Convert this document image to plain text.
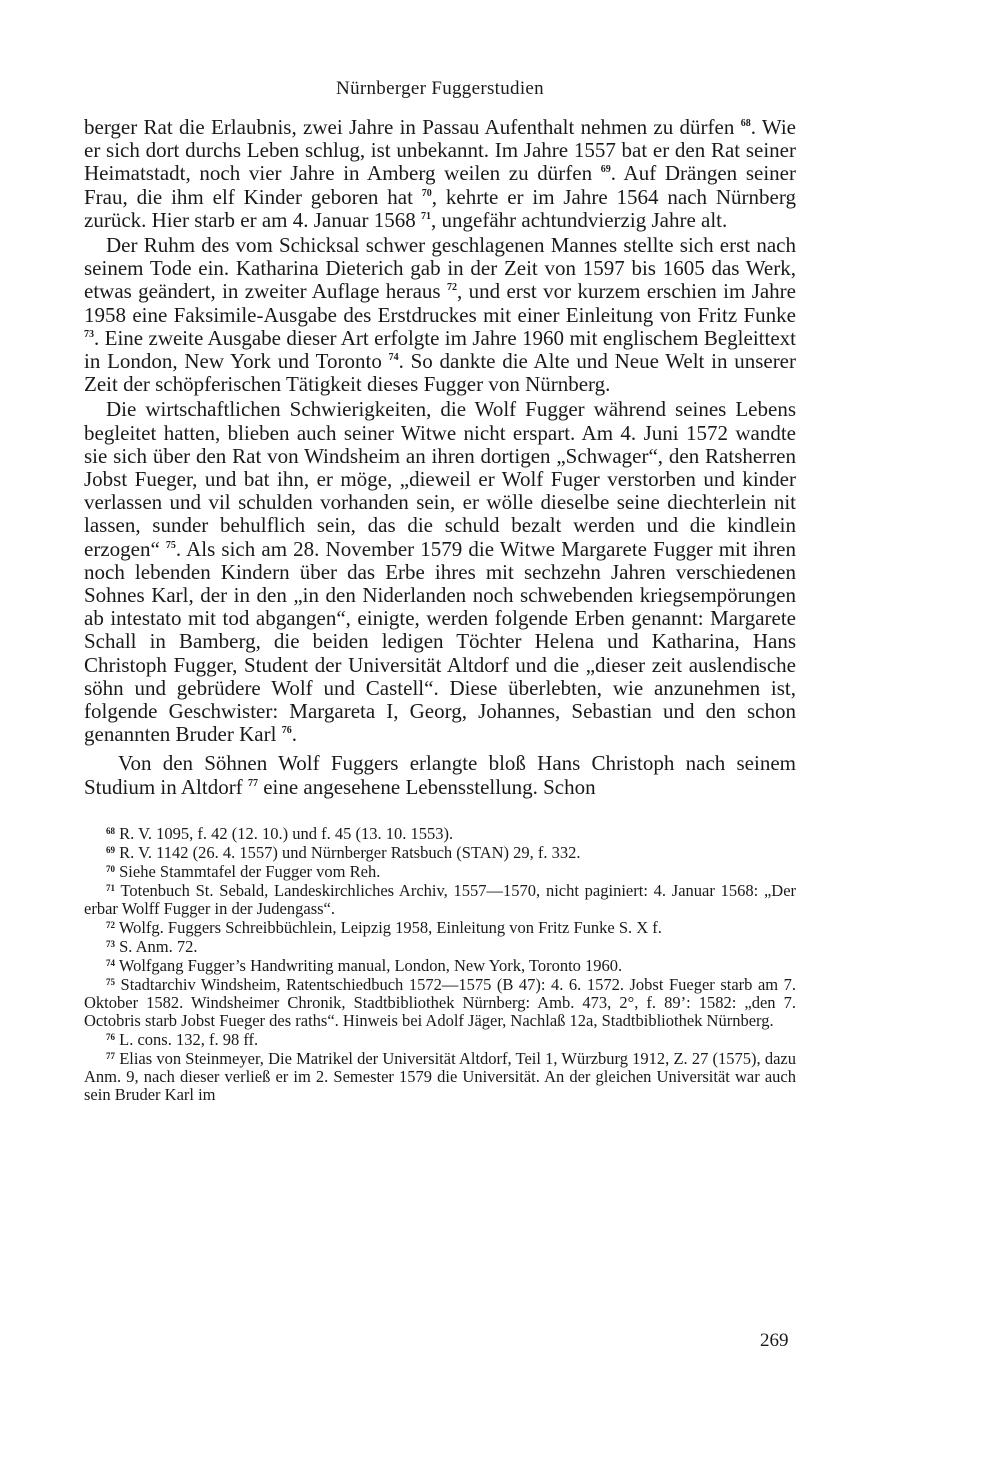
Nürnberger Fuggerstudien

berger Rat die Erlaubnis, zwei Jahre in Passau Aufenthalt nehmen zu dürfen $^{68}$. Wie er sich dort durchs Leben schlug, ist unbekannt. Im Jahre 1557 bat er den Rat seiner Heimatstadt, noch vier Jahre in Amberg weilen zu dürfen $^{69}$. Auf Drängen seiner Frau, die ihm elf Kinder geboren hat $^{70}$, kehrte er im Jahre 1564 nach Nürnberg zurück. Hier starb er am 4. Januar 1568 $^{71}$, ungefähr achtundvierzig Jahre alt.

Der Ruhm des vom Schicksal schwer geschlagenen Mannes stellte sich erst nach seinem Tode ein. Katharina Dieterich gab in der Zeit von 1597 bis 1605 das Werk, etwas geändert, in zweiter Auflage heraus $^{72}$, und erst vor kurzem erschien im Jahre 1958 eine Faksimile-Ausgabe des Erstdruckes mit einer Einleitung von Fritz Funke $^{73}$. Eine zweite Ausgabe dieser Art erfolgte im Jahre 1960 mit englischem Begleittext in London, New York und Toronto $^{74}$. So dankte die Alte und Neue Welt in unserer Zeit der schöpferischen Tätigkeit dieses Fugger von Nürnberg.

Die wirtschaftlichen Schwierigkeiten, die Wolf Fugger während seines Lebens begleitet hatten, blieben auch seiner Witwe nicht erspart. Am 4. Juni 1572 wandte sie sich über den Rat von Windsheim an ihren dortigen „Schwager“, den Ratsherren Jobst Fueger, und bat ihn, er möge, „dieweil er Wolf Fuger verstorben und kinder verlassen und vil schulden vorhanden sein, er wölle dieselbe seine diechterlein nit lassen, sunder behulflich sein, das die schuld bezalt werden und die kindlein erzogen“ $^{75}$. Als sich am 28. November 1579 die Witwe Margarete Fugger mit ihren noch lebenden Kindern über das Erbe ihres mit sechzehn Jahren verschiedenen Sohnes Karl, der in den „in den Niderlanden noch schwebenden kriegsempörungen ab intestato mit tod abgangen“, einigte, werden folgende Erben genannt: Margarete Schall in Bamberg, die beiden ledigen Töchter Helena und Katharina, Hans Christoph Fugger, Student der Universität Altdorf und die „dieser zeit auslendische söhn und gebrüdere Wolf und Castell“. Diese überlebten, wie anzunehmen ist, folgende Geschwister: Margareta I, Georg, Johannes, Sebastian und den schon genannten Bruder Karl $^{76}$.

Von den Söhnen Wolf Fuggers erlangte bloß Hans Christoph nach seinem Studium in Altdorf $^{77}$ eine angesehene Lebensstellung. Schon

$^{68}$ R. V. 1095, f. 42 (12. 10.) und f. 45 (13. 10. 1553).

$^{69}$ R. V. 1142 (26. 4. 1557) und Nürnberger Ratsbuch (STAN) 29, f. 332.

$^{70}$ Siehe Stammtafel der Fugger vom Reh.

$^{71}$ Totenbuch St. Sebald, Landeskirchliches Archiv, 1557—1570, nicht paginiert: 4. Januar 1568: „Der erbar Wolff Fugger in der Judengass“.

$^{72}$ Wolfg. Fuggers Schreibbüchlein, Leipzig 1958, Einleitung von Fritz Funke S. X f.

$^{73}$ S. Anm. 72.

$^{74}$ Wolfgang Fugger’s Handwriting manual, London, New York, Toronto 1960.

$^{75}$ Stadtarchiv Windsheim, Ratentschiedbuch 1572—1575 (B 47): 4. 6. 1572. Jobst Fueger starb am 7. Oktober 1582. Windsheimer Chronik, Stadtbibliothek Nürnberg: Amb. 473, 2°, f. 89’: 1582: „den 7. Octobris starb Jobst Fueger des raths“. Hinweis bei Adolf Jäger, Nachlaß 12a, Stadtbibliothek Nürnberg.

$^{76}$ L. cons. 132, f. 98 ff.

$^{77}$ Elias von Steinmeyer, Die Matrikel der Universität Altdorf, Teil 1, Würzburg 1912, Z. 27 (1575), dazu Anm. 9, nach dieser verließ er im 2. Semester 1579 die Universität. An der gleichen Universität war auch sein Bruder Karl im

269
